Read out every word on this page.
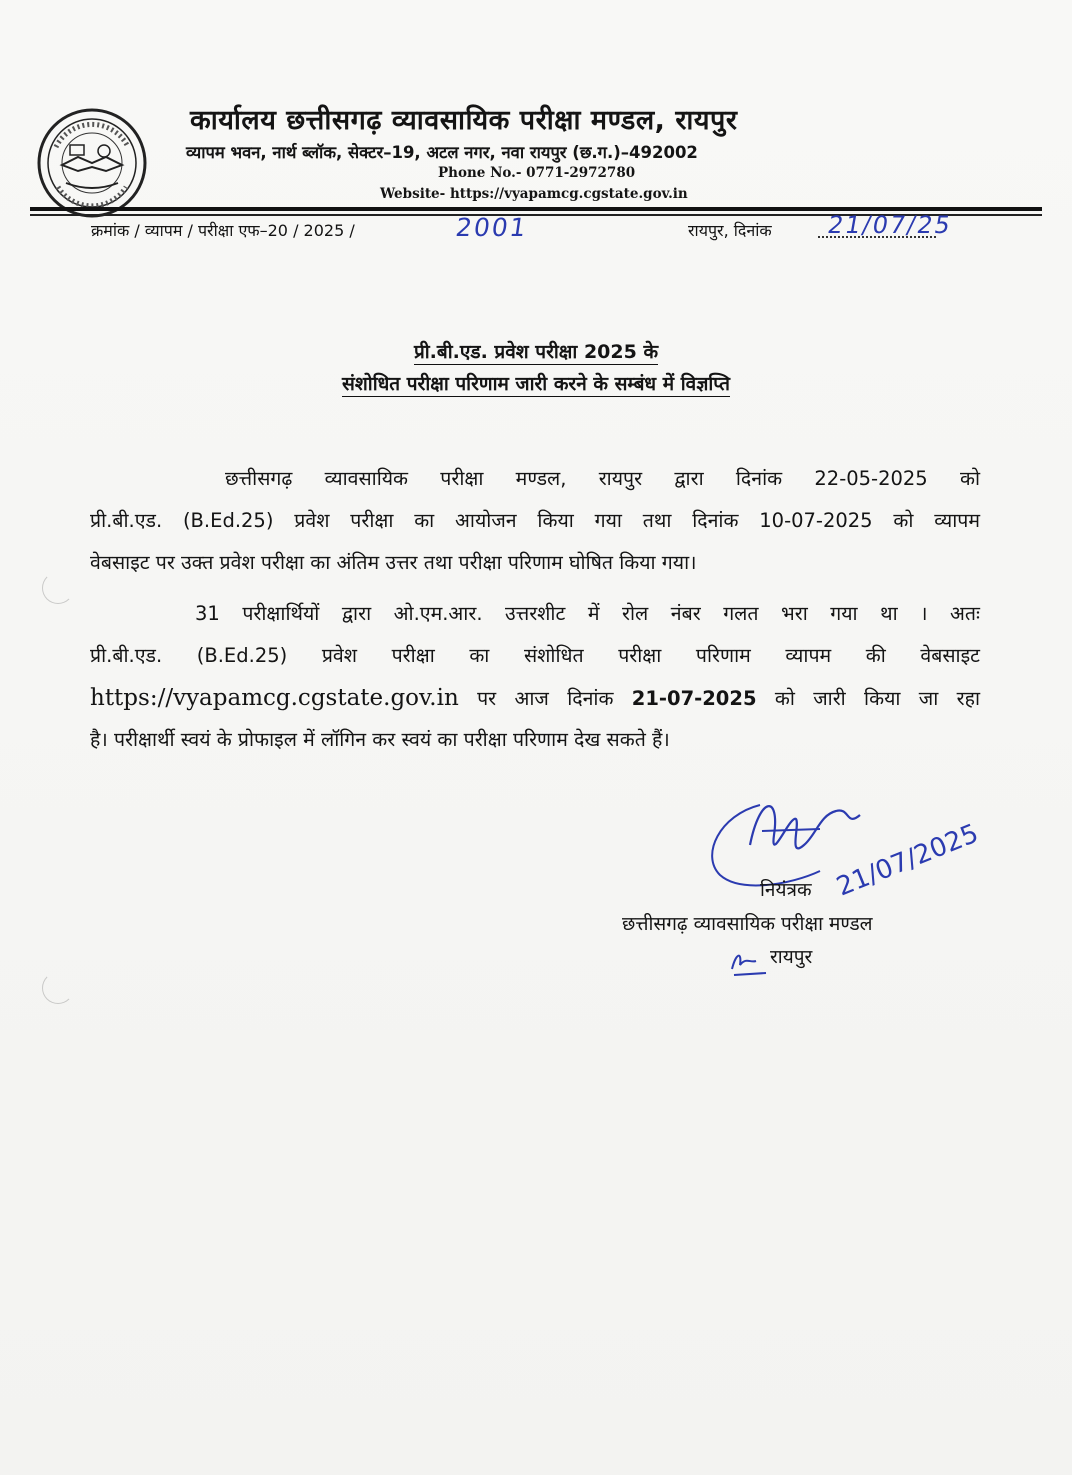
कार्यालय छत्तीसगढ़ व्यावसायिक परीक्षा मण्डल, रायपुर
व्यापम भवन, नार्थ ब्लॉक, सेक्टर–19, अटल नगर, नवा रायपुर (छ.ग.)–492002
Phone No.- 0771-2972780
Website- https://vyapamcg.cgstate.gov.in
क्रमांक / व्यापम / परीक्षा एफ–20 / 2025 /	2001	रायपुर, दिनांक 21/07/25
प्री.बी.एड. प्रवेश परीक्षा 2025 के
संशोधित परीक्षा परिणाम जारी करने के सम्बंध में विज्ञप्ति
छत्तीसगढ़ व्यावसायिक परीक्षा मण्डल, रायपुर द्वारा दिनांक 22-05-2025 को
प्री.बी.एड. (B.Ed.25) प्रवेश परीक्षा का आयोजन किया गया तथा दिनांक 10-07-2025 को व्यापम
वेबसाइट पर उक्त प्रवेश परीक्षा का अंतिम उत्तर तथा परीक्षा परिणाम घोषित किया गया।
31 परीक्षार्थियों द्वारा ओ.एम.आर. उत्तरशीट में रोल नंबर गलत भरा गया था । अतः
प्री.बी.एड. (B.Ed.25) प्रवेश परीक्षा का संशोधित परीक्षा परिणाम व्यापम की वेबसाइट
https://vyapamcg.cgstate.gov.in पर आज दिनांक 21-07-2025 को जारी किया जा रहा
है। परीक्षार्थी स्वयं के प्रोफाइल में लॉगिन कर स्वयं का परीक्षा परिणाम देख सकते हैं।
21/07/2025
नियंत्रक
छत्तीसगढ़ व्यावसायिक परीक्षा मण्डल
रायपुर
